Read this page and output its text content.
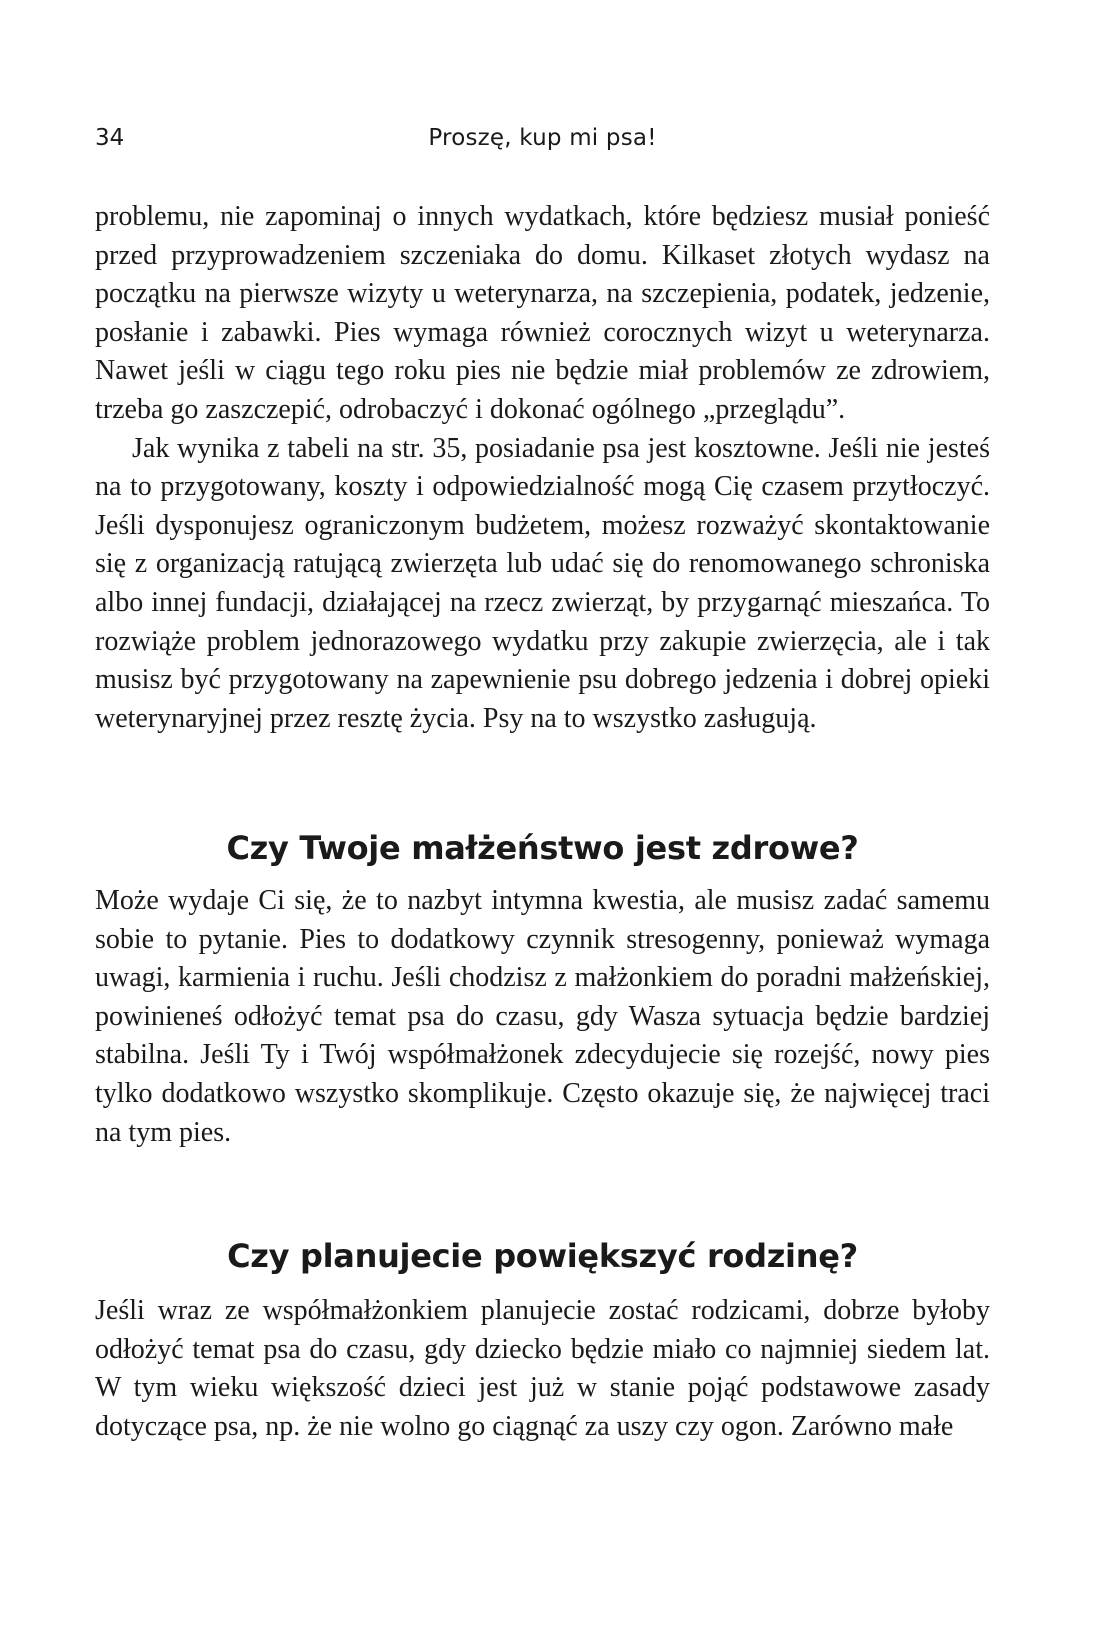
34	Proszę, kup mi psa!

problemu, nie zapominaj o innych wydatkach, które będziesz musiał ponieść przed przyprowadzeniem szczeniaka do domu. Kilkaset złotych wydasz na początku na pierwsze wizyty u weterynarza, na szczepienia, podatek, jedzenie, posłanie i zabawki. Pies wymaga również corocznych wizyt u weterynarza. Nawet jeśli w ciągu tego roku pies nie będzie miał problemów ze zdrowiem, trzeba go zaszczepić, odrobaczyć i dokonać ogólnego „przeglądu”.

Jak wynika z tabeli na str. 35, posiadanie psa jest kosztowne. Jeśli nie jesteś na to przygotowany, koszty i odpowiedzialność mogą Cię czasem przytłoczyć. Jeśli dysponujesz ograniczonym budżetem, możesz rozważyć skontaktowanie się z organizacją ratującą zwierzęta lub udać się do renomowanego schroniska albo innej fundacji, działającej na rzecz zwierząt, by przygarnąć mieszańca. To rozwiąże problem jednorazowego wydatku przy zakupie zwierzęcia, ale i tak musisz być przygotowany na zapewnienie psu dobrego jedzenia i dobrej opieki weterynaryjnej przez resztę życia. Psy na to wszystko zasługują.

Czy Twoje małżeństwo jest zdrowe?

Może wydaje Ci się, że to nazbyt intymna kwestia, ale musisz zadać samemu sobie to pytanie. Pies to dodatkowy czynnik stresogenny, ponieważ wymaga uwagi, karmienia i ruchu. Jeśli chodzisz z małżonkiem do poradni małżeńskiej, powinieneś odłożyć temat psa do czasu, gdy Wasza sytuacja będzie bardziej stabilna. Jeśli Ty i Twój współmałżonek zdecydujecie się rozejść, nowy pies tylko dodatkowo wszystko skomplikuje. Często okazuje się, że najwięcej traci na tym pies.

Czy planujecie powiększyć rodzinę?

Jeśli wraz ze współmałżonkiem planujecie zostać rodzicami, dobrze byłoby odłożyć temat psa do czasu, gdy dziecko będzie miało co najmniej siedem lat. W tym wieku większość dzieci jest już w stanie pojąć podstawowe zasady dotyczące psa, np. że nie wolno go ciągnąć za uszy czy ogon. Zarówno małe
